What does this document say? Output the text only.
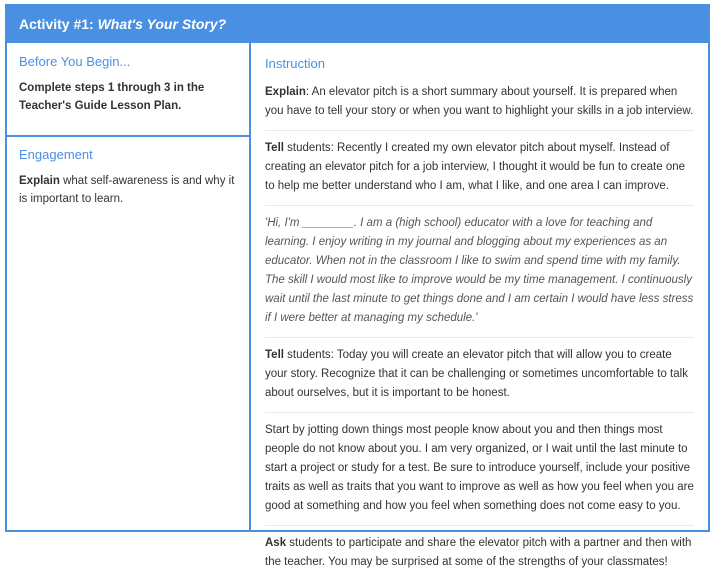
Activity #1: What's Your Story?
Before You Begin...
Complete steps 1 through 3 in the Teacher's Guide Lesson Plan.
Engagement
Explain what self-awareness is and why it is important to learn.
Instruction
Explain: An elevator pitch is a short summary about yourself. It is prepared when you have to tell your story or when you want to highlight your skills in a job interview.
Tell students: Recently I created my own elevator pitch about myself. Instead of creating an elevator pitch for a job interview, I thought it would be fun to create one to help me better understand who I am, what I like, and one area I can improve.
'Hi, I'm ________. I am a (high school) educator with a love for teaching and learning. I enjoy writing in my journal and blogging about my experiences as an educator. When not in the classroom I like to swim and spend time with my family. The skill I would most like to improve would be my time management. I continuously wait until the last minute to get things done and I am certain I would have less stress if I were better at managing my schedule.'
Tell students: Today you will create an elevator pitch that will allow you to create your story. Recognize that it can be challenging or sometimes uncomfortable to talk about ourselves, but it is important to be honest.
Start by jotting down things most people know about you and then things most people do not know about you. I am very organized, or I wait until the last minute to start a project or study for a test. Be sure to introduce yourself, include your positive traits as well as traits that you want to improve as well as how you feel when you are good at something and how you feel when something does not come easy to you.
Ask students to participate and share the elevator pitch with a partner and then with the teacher. You may be surprised at some of the strengths of your classmates!
